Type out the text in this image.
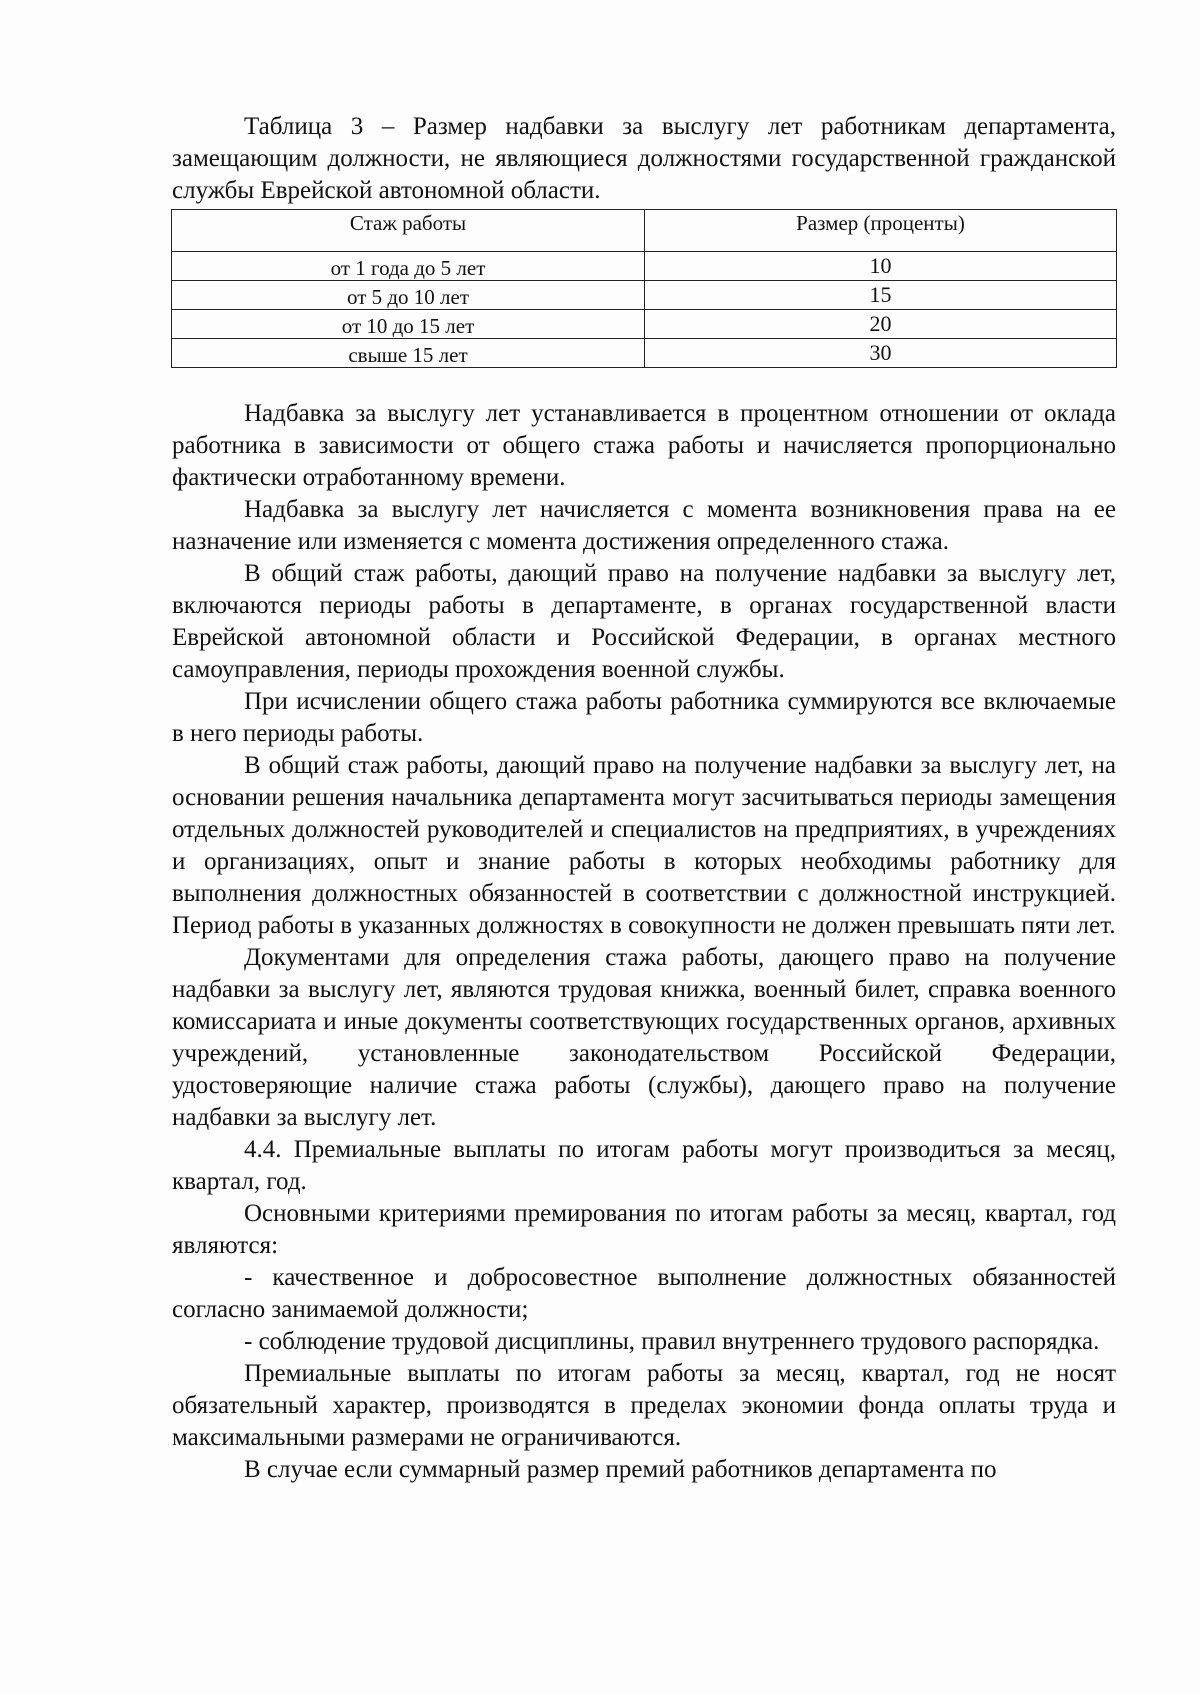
Таблица 3 – Размер надбавки за выслугу лет работникам департамента, замещающим должности, не являющиеся должностями государственной гражданской службы Еврейской автономной области.

Стаж работы	Размер (проценты)
от 1 года до 5 лет	10
от 5 до 10 лет	15
от 10 до 15 лет	20
свыше 15 лет	30

Надбавка за выслугу лет устанавливается в процентном отношении от оклада работника в зависимости от общего стажа работы и начисляется пропорционально фактически отработанному времени.

Надбавка за выслугу лет начисляется с момента возникновения права на ее назначение или изменяется с момента достижения определенного стажа.

В общий стаж работы, дающий право на получение надбавки за выслугу лет, включаются периоды работы в департаменте, в органах государственной власти Еврейской автономной области и Российской Федерации, в органах местного самоуправления, периоды прохождения военной службы.

При исчислении общего стажа работы работника суммируются все включаемые в него периоды работы.

В общий стаж работы, дающий право на получение надбавки за выслугу лет, на основании решения начальника департамента могут засчитываться периоды замещения отдельных должностей руководителей и специалистов на предприятиях, в учреждениях и организациях, опыт и знание работы в которых необходимы работнику для выполнения должностных обязанностей в соответствии с должностной инструкцией. Период работы в указанных должностях в совокупности не должен превышать пяти лет.

Документами для определения стажа работы, дающего право на получение надбавки за выслугу лет, являются трудовая книжка, военный билет, справка военного комиссариата и иные документы соответствующих государственных органов, архивных учреждений, установленные законодательством Российской Федерации, удостоверяющие наличие стажа работы (службы), дающего право на получение надбавки за выслугу лет.

4.4. Премиальные выплаты по итогам работы могут производиться за месяц, квартал, год.

Основными критериями премирования по итогам работы за месяц, квартал, год являются:

- качественное и добросовестное выполнение должностных обязанностей согласно занимаемой должности;

- соблюдение трудовой дисциплины, правил внутреннего трудового распорядка.

Премиальные выплаты по итогам работы за месяц, квартал, год не носят обязательный характер, производятся в пределах экономии фонда оплаты труда и максимальными размерами не ограничиваются.

В случае если суммарный размер премий работников департамента по
